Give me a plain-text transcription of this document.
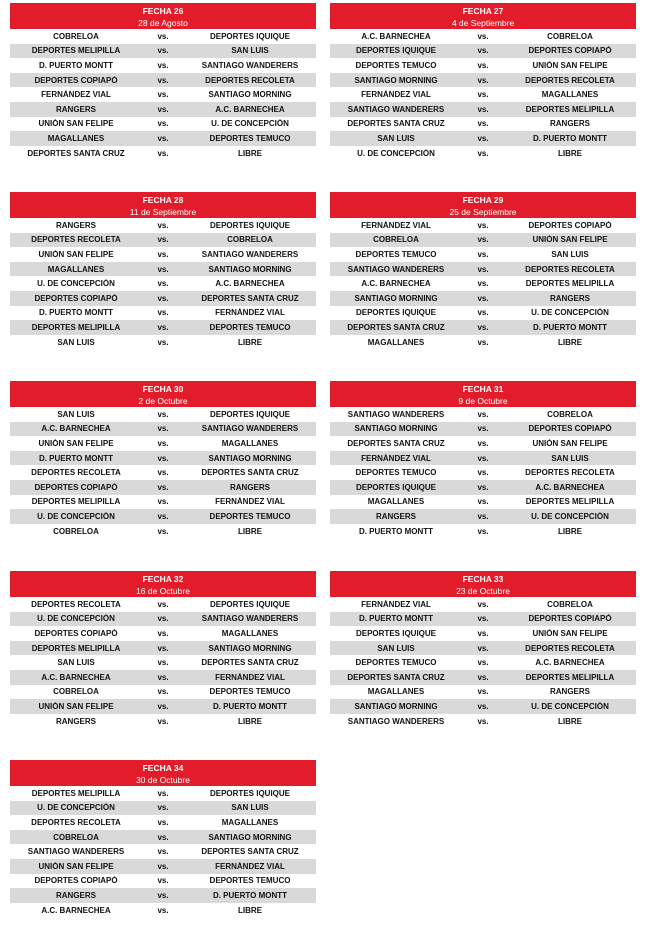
FECHA 26
28 de Agosto
COBRELOA	vs.	DEPORTES IQUIQUE
DEPORTES MELIPILLA	vs.	SAN LUIS
D. PUERTO MONTT	vs.	SANTIAGO WANDERERS
DEPORTES COPIAPÓ	vs.	DEPORTES RECOLETA
FERNÁNDEZ VIAL	vs.	SANTIAGO MORNING
RANGERS	vs.	A.C. BARNECHEA
UNIÓN SAN FELIPE	vs.	U. DE CONCEPCIÓN
MAGALLANES	vs.	DEPORTES TEMUCO
DEPORTES SANTA CRUZ	vs.	LIBRE
FECHA 27
4 de Septiembre
A.C. BARNECHEA	vs.	COBRELOA
DEPORTES IQUIQUE	vs.	DEPORTES COPIAPÓ
DEPORTES TEMUCO	vs.	UNIÓN SAN FELIPE
SANTIAGO MORNING	vs.	DEPORTES RECOLETA
FERNÁNDEZ VIAL	vs.	MAGALLANES
SANTIAGO WANDERERS	vs.	DEPORTES MELIPILLA
DEPORTES SANTA CRUZ	vs.	RANGERS
SAN LUIS	vs.	D. PUERTO MONTT
U. DE CONCEPCIÓN	vs.	LIBRE
FECHA 28
11 de Septiembre
RANGERS	vs.	DEPORTES IQUIQUE
DEPORTES RECOLETA	vs.	COBRELOA
UNIÓN SAN FELIPE	vs.	SANTIAGO WANDERERS
MAGALLANES	vs.	SANTIAGO MORNING
U. DE CONCEPCIÓN	vs.	A.C. BARNECHEA
DEPORTES COPIAPÓ	vs.	DEPORTES SANTA CRUZ
D. PUERTO MONTT	vs.	FERNÁNDEZ VIAL
DEPORTES MELIPILLA	vs.	DEPORTES TEMUCO
SAN LUIS	vs.	LIBRE
FECHA 29
25 de Septiembre
FERNÁNDEZ VIAL	vs.	DEPORTES COPIAPÓ
COBRELOA	vs.	UNIÓN SAN FELIPE
DEPORTES TEMUCO	vs.	SAN LUIS
SANTIAGO WANDERERS	vs.	DEPORTES RECOLETA
A.C. BARNECHEA	vs.	DEPORTES MELIPILLA
SANTIAGO MORNING	vs.	RANGERS
DEPORTES IQUIQUE	vs.	U. DE CONCEPCIÓN
DEPORTES SANTA CRUZ	vs.	D. PUERTO MONTT
MAGALLANES	vs.	LIBRE
FECHA 30
2 de Octubre
SAN LUIS	vs.	DEPORTES IQUIQUE
A.C. BARNECHEA	vs.	SANTIAGO WANDERERS
UNIÓN SAN FELIPE	vs.	MAGALLANES
D. PUERTO MONTT	vs.	SANTIAGO MORNING
DEPORTES RECOLETA	vs.	DEPORTES SANTA CRUZ
DEPORTES COPIAPÓ	vs.	RANGERS
DEPORTES MELIPILLA	vs.	FERNÁNDEZ VIAL
U. DE CONCEPCIÓN	vs.	DEPORTES TEMUCO
COBRELOA	vs.	LIBRE
FECHA 31
9 de Octubre
SANTIAGO WANDERERS	vs.	COBRELOA
SANTIAGO MORNING	vs.	DEPORTES COPIAPÓ
DEPORTES SANTA CRUZ	vs.	UNIÓN SAN FELIPE
FERNÁNDEZ VIAL	vs.	SAN LUIS
DEPORTES TEMUCO	vs.	DEPORTES RECOLETA
DEPORTES IQUIQUE	vs.	A.C. BARNECHEA
MAGALLANES	vs.	DEPORTES MELIPILLA
RANGERS	vs.	U. DE CONCEPCIÓN
D. PUERTO MONTT	vs.	LIBRE
FECHA 32
16 de Octubre
DEPORTES RECOLETA	vs.	DEPORTES IQUIQUE
U. DE CONCEPCIÓN	vs.	SANTIAGO WANDERERS
DEPORTES COPIAPÓ	vs.	MAGALLANES
DEPORTES MELIPILLA	vs.	SANTIAGO MORNING
SAN LUIS	vs.	DEPORTES SANTA CRUZ
A.C. BARNECHEA	vs.	FERNÁNDEZ VIAL
COBRELOA	vs.	DEPORTES TEMUCO
UNIÓN SAN FELIPE	vs.	D. PUERTO MONTT
RANGERS	vs.	LIBRE
FECHA 33
23 de Octubre
FERNÁNDEZ VIAL	vs.	COBRELOA
D. PUERTO MONTT	vs.	DEPORTES COPIAPÓ
DEPORTES IQUIQUE	vs.	UNIÓN SAN FELIPE
SAN LUIS	vs.	DEPORTES RECOLETA
DEPORTES TEMUCO	vs.	A.C. BARNECHEA
DEPORTES SANTA CRUZ	vs.	DEPORTES MELIPILLA
MAGALLANES	vs.	RANGERS
SANTIAGO MORNING	vs.	U. DE CONCEPCIÓN
SANTIAGO WANDERERS	vs.	LIBRE
FECHA 34
30 de Octubre
DEPORTES MELIPILLA	vs.	DEPORTES IQUIQUE
U. DE CONCEPCIÓN	vs.	SAN LUIS
DEPORTES RECOLETA	vs.	MAGALLANES
COBRELOA	vs.	SANTIAGO MORNING
SANTIAGO WANDERERS	vs.	DEPORTES SANTA CRUZ
UNIÓN SAN FELIPE	vs.	FERNÁNDEZ VIAL
DEPORTES COPIAPÓ	vs.	DEPORTES TEMUCO
RANGERS	vs.	D. PUERTO MONTT
A.C. BARNECHEA	vs.	LIBRE
